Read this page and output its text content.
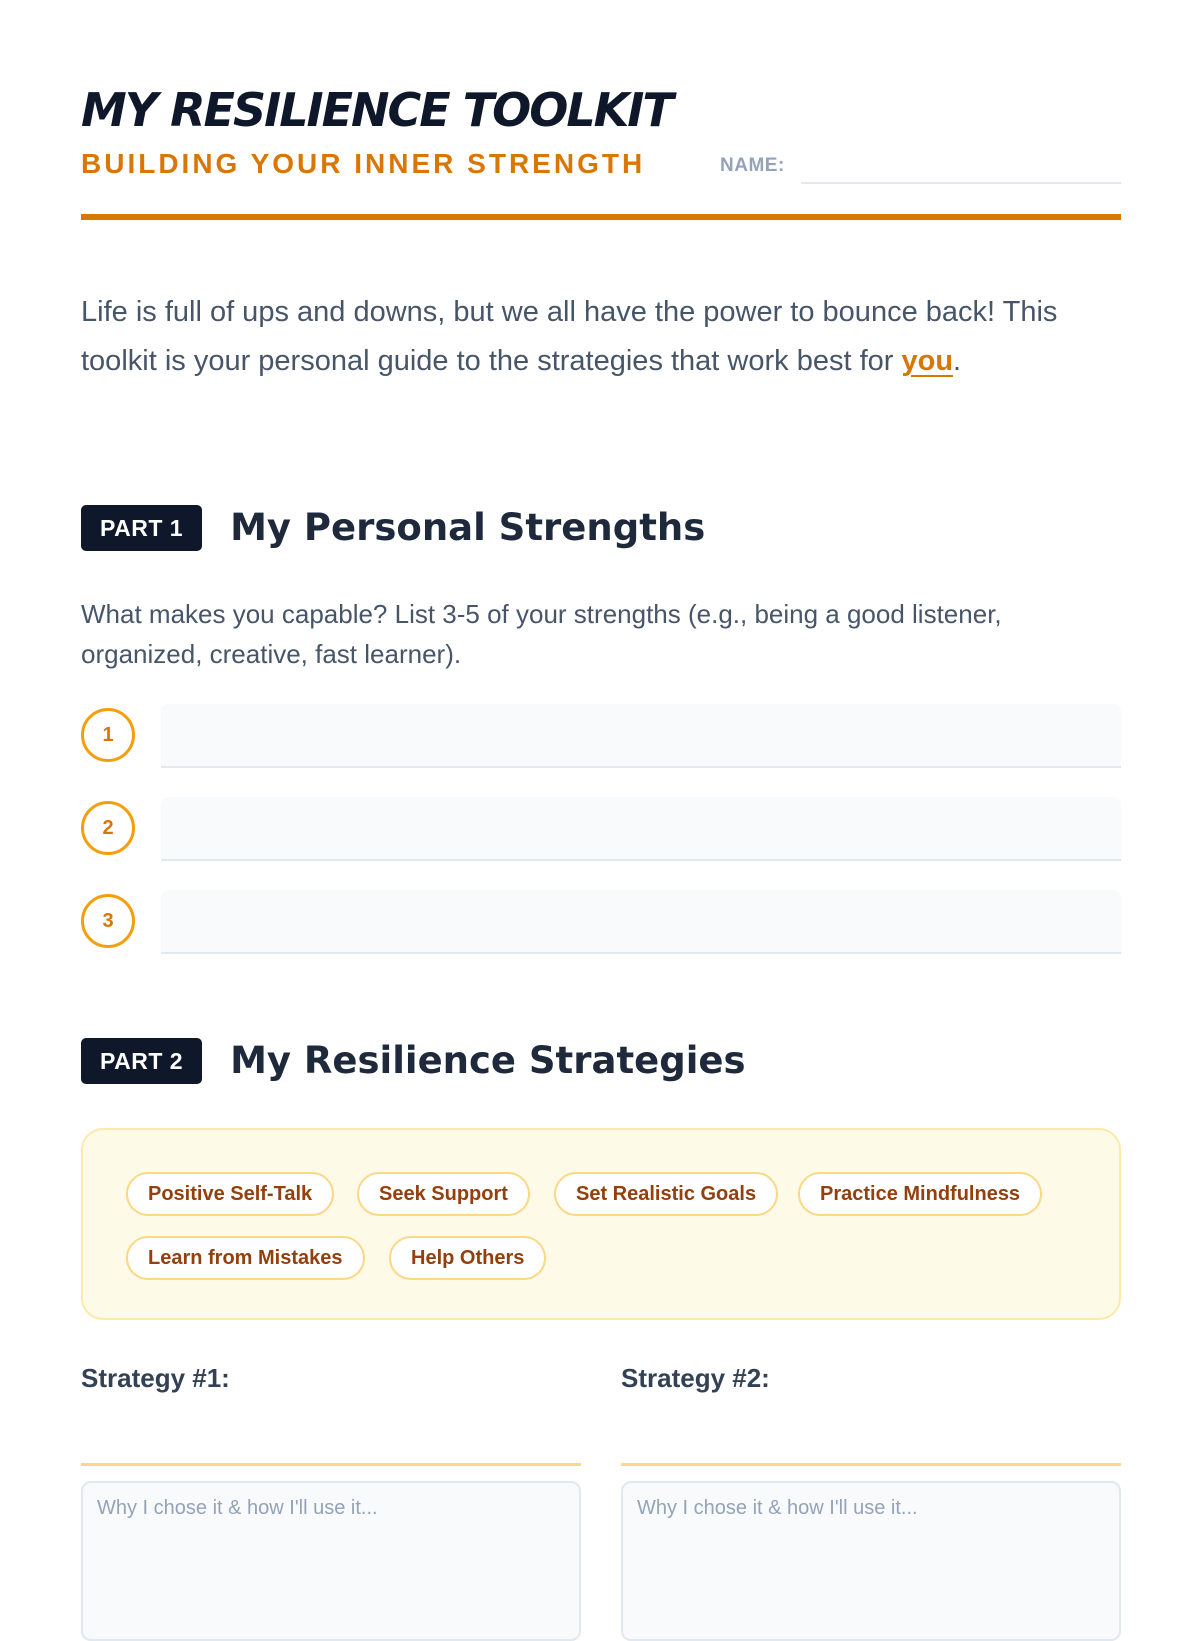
MY RESILIENCE TOOLKIT
BUILDING YOUR INNER STRENGTH	NAME:

Life is full of ups and downs, but we all have the power to bounce back! This toolkit is your personal guide to the strategies that work best for you.

PART 1	My Personal Strengths

What makes you capable? List 3-5 of your strengths (e.g., being a good listener, organized, creative, fast learner).

1
2
3
PART 2	My Resilience Strategies
Positive Self-Talk	Seek Support	Set Realistic Goals	Practice Mindfulness
Learn from Mistakes	Help Others
Strategy #1:
Why I chose it & how I'll use it...	Strategy #2:
Why I chose it & how I'll use it...
